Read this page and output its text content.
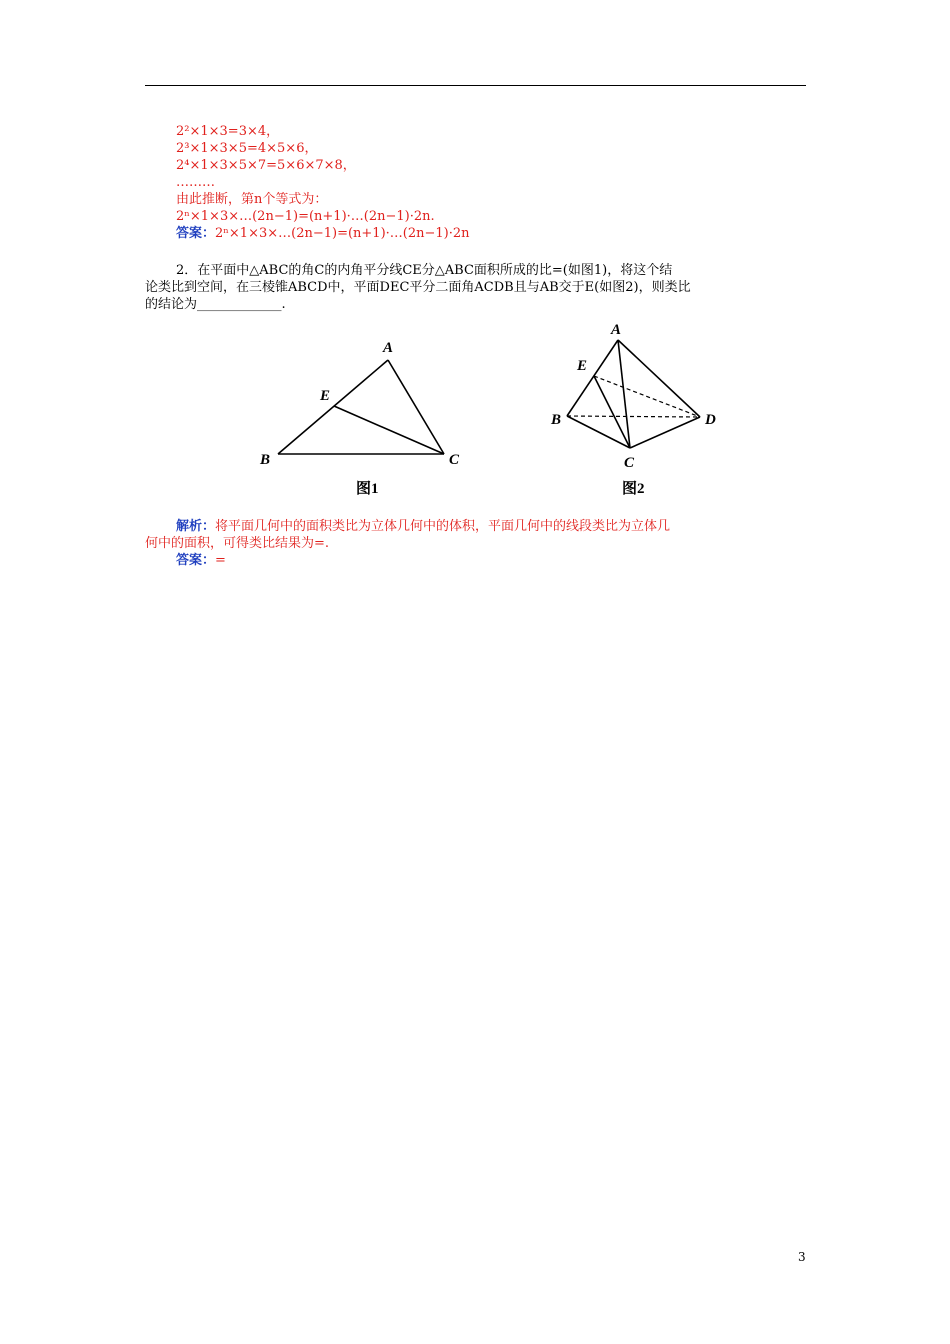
2²×1×3=3×4，
2³×1×3×5=4×5×6，
2⁴×1×3×5×7=5×6×7×8，
………
由此推断，第n个等式为：
2ⁿ×1×3×…(2n−1)=(n+1)·…(2n−1)·2n.
答案：2ⁿ×1×3×…(2n−1)=(n+1)·…(2n−1)·2n
2．在平面中△ABC的角C的内角平分线CE分△ABC面积所成的比=(如图1)，将这个结
论类比到空间，在三棱锥ABCD中，平面DEC平分二面角ACDB且与AB交于E(如图2)，则类比
的结论为_____________.
A
E
B	C
图1
A
E
B	D
C
图2
解析：将平面几何中的面积类比为立体几何中的体积，平面几何中的线段类比为立体几
何中的面积，可得类比结果为=.
答案：=
3
